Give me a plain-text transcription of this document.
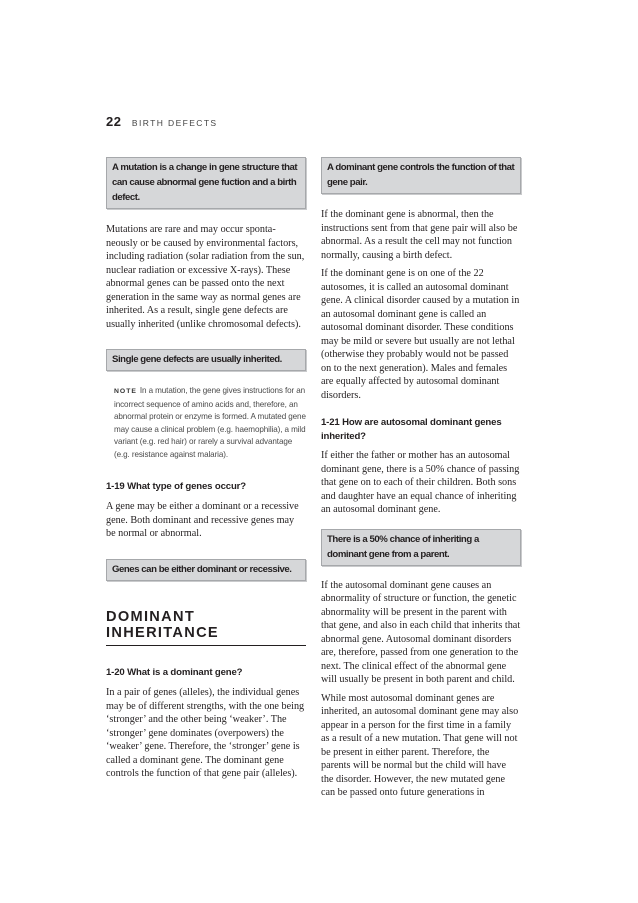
22 BIRTH DEFECTS
A mutation is a change in gene structure that can cause abnormal gene fuction and a birth defect.

Mutations are rare and may occur sponta-neously or be caused by environmental factors, including radiation (solar radiation from the sun, nuclear radiation or excessive X-rays). These abnormal genes can be passed onto the next generation in the same way as normal genes are inherited. As a result, single gene defects are usually inherited (unlike chromosomal defects).

Single gene defects are usually inherited.
NOTE In a mutation, the gene gives instructions for an incorrect sequence of amino acids and, therefore, an abnormal protein or enzyme is formed. A mutated gene may cause a clinical problem (e.g. haemophilia), a mild variant (e.g. red hair) or rarely a survival advantage (e.g. resistance against malaria).
1-19 What type of genes occur?

A gene may be either a dominant or a recessive gene. Both dominant and recessive genes may be normal or abnormal.

Genes can be either dominant or recessive.
DOMINANT INHERITANCE
1-20 What is a dominant gene?

In a pair of genes (alleles), the individual genes may be of different strengths, with the one being ‘stronger’ and the other being ‘weaker’. The ‘stronger’ gene dominates (overpowers) the ‘weaker’ gene. Therefore, the ‘stronger’ gene is called a dominant gene. The dominant gene controls the function of that gene pair (alleles).

A dominant gene controls the function of that gene pair.

If the dominant gene is abnormal, then the instructions sent from that gene pair will also be abnormal. As a result the cell may not function normally, causing a birth defect.

If the dominant gene is on one of the 22 autosomes, it is called an autosomal dominant gene. A clinical disorder caused by a mutation in an autosomal dominant gene is called an autosomal dominant disorder. These conditions may be mild or severe but usually are not lethal (otherwise they probably would not be passed on to the next generation). Males and females are equally affected by autosomal dominant disorders.

1-21 How are autosomal dominant genes inherited?

If either the father or mother has an autosomal dominant gene, there is a 50% chance of passing that gene on to each of their children. Both sons and daughter have an equal chance of inheriting an autosomal dominant gene.

There is a 50% chance of inheriting a dominant gene from a parent.

If the autosomal dominant gene causes an abnormality of structure or function, the genetic abnormality will be present in the parent with that gene, and also in each child that inherits that abnormal gene. Autosomal dominant disorders are, therefore, passed from one generation to the next. The clinical effect of the abnormal gene will usually be present in both parent and child.

While most autosomal dominant genes are inherited, an autosomal dominant gene may also appear in a person for the first time in a family as a result of a new mutation. That gene will not be present in either parent. Therefore, the parents will be normal but the child will have the disorder. However, the new mutated gene can be passed onto future generations in
